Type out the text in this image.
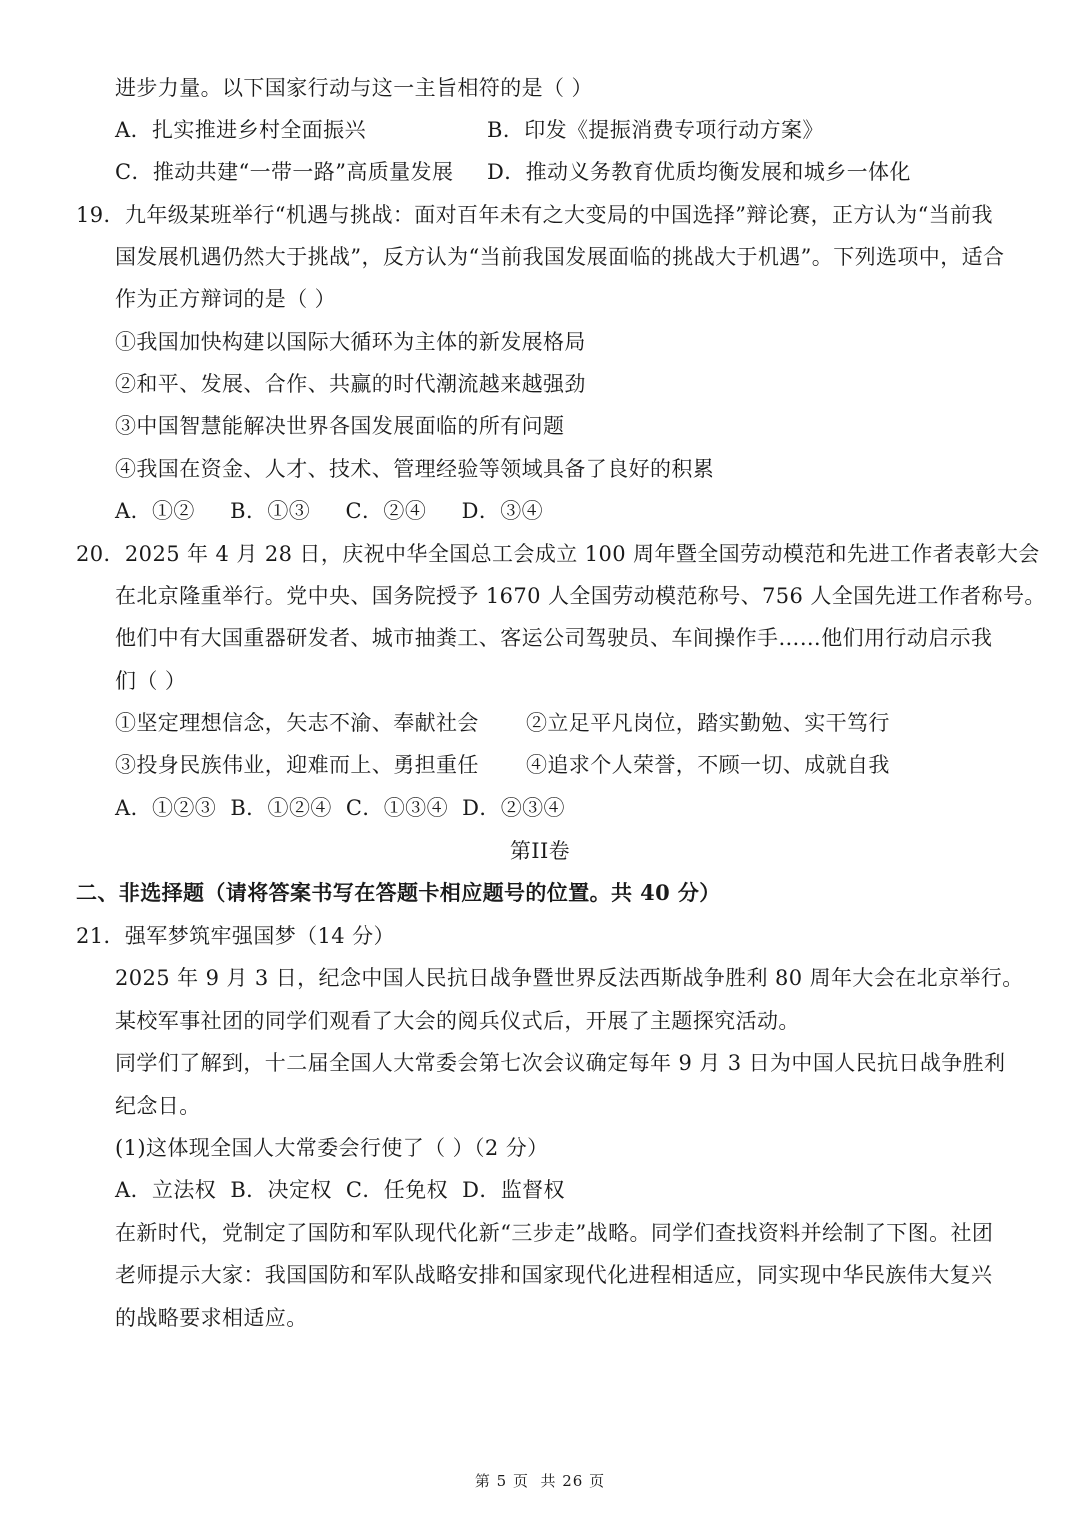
进步力量。以下国家行动与这一主旨相符的是（ ）
A．扎实推进乡村全面振兴	B．印发《提振消费专项行动方案》
C．推动共建“一带一路”高质量发展 D．推动义务教育优质均衡发展和城乡一体化
19．九年级某班举行“机遇与挑战：面对百年未有之大变局的中国选择”辩论赛，正方认为“当前我
国发展机遇仍然大于挑战”，反方认为“当前我国发展面临的挑战大于机遇”。下列选项中，适合
作为正方辩词的是（ ）
①我国加快构建以国际大循环为主体的新发展格局
②和平、发展、合作、共赢的时代潮流越来越强劲
③中国智慧能解决世界各国发展面临的所有问题
④我国在资金、人才、技术、管理经验等领域具备了良好的积累
A．①②     B．①③     C．②④     D．③④
20．2025 年 4 月 28 日，庆祝中华全国总工会成立 100 周年暨全国劳动模范和先进工作者表彰大会
在北京隆重举行。党中央、国务院授予 1670 人全国劳动模范称号、756 人全国先进工作者称号。
他们中有大国重器研发者、城市抽粪工、客运公司驾驶员、车间操作手……他们用行动启示我
们（ ）
①坚定理想信念，矢志不渝、奉献社会 ②立足平凡岗位，踏实勤勉、实干笃行
③投身民族伟业，迎难而上、勇担重任 ④追求个人荣誉，不顾一切、成就自我
A．①②③  B．①②④  C．①③④  D．②③④
第II卷
二、非选择题（请将答案书写在答题卡相应题号的位置。共 40 分）
21．强军梦筑牢强国梦（14 分）
2025 年 9 月 3 日，纪念中国人民抗日战争暨世界反法西斯战争胜利 80 周年大会在北京举行。
某校军事社团的同学们观看了大会的阅兵仪式后，开展了主题探究活动。
同学们了解到，十二届全国人大常委会第七次会议确定每年 9 月 3 日为中国人民抗日战争胜利
纪念日。
(1)这体现全国人大常委会行使了（ ）（2 分）
A．立法权  B．决定权  C．任免权  D．监督权
在新时代，党制定了国防和军队现代化新“三步走”战略。同学们查找资料并绘制了下图。社团
老师提示大家：我国国防和军队战略安排和国家现代化进程相适应，同实现中华民族伟大复兴
的战略要求相适应。
第 5 页  共 26 页
